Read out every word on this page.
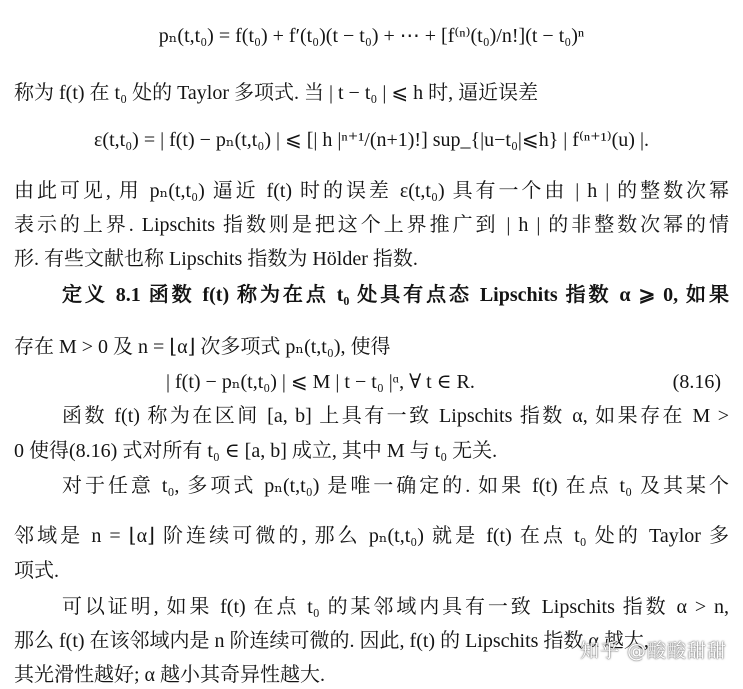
pₙ(t,t₀) = f(t₀) + f′(t₀)(t − t₀) + ⋯ + [f⁽ⁿ⁾(t₀)/n!](t − t₀)ⁿ
称为 f(t) 在 t₀ 处的 Taylor 多项式. 当 | t − t₀ | ⩽ h 时, 逼近误差
ε(t,t₀) = | f(t) − pₙ(t,t₀) | ⩽ [| h |ⁿ⁺¹/(n+1)!] sup_{|u−t₀|⩽h} | f⁽ⁿ⁺¹⁾(u) |.
由此可见, 用 pₙ(t,t₀) 逼近 f(t) 时的误差 ε(t,t₀) 具有一个由 | h | 的整数次幂
表示的上界. Lipschits 指数则是把这个上界推广到 | h | 的非整数次幂的情
形. 有些文献也称 Lipschits 指数为 Hölder 指数.
定义 8.1 函数 f(t) 称为在点 t₀ 处具有点态 Lipschits 指数 α ⩾ 0, 如果
存在 M > 0 及 n = ⌊α⌋ 次多项式 pₙ(t,t₀), 使得
| f(t) − pₙ(t,t₀) | ⩽ M | t − t₀ |ᵅ, ∀ t ∈ R.	(8.16)
函数 f(t) 称为在区间 [a, b] 上具有一致 Lipschits 指数 α, 如果存在 M >
0 使得(8.16) 式对所有 t₀ ∈ [a, b] 成立, 其中 M 与 t₀ 无关.
对于任意 t₀, 多项式 pₙ(t,t₀) 是唯一确定的. 如果 f(t) 在点 t₀ 及其某个
邻域是 n = ⌊α⌋ 阶连续可微的, 那么 pₙ(t,t₀) 就是 f(t) 在点 t₀ 处的 Taylor 多
项式.
可以证明, 如果 f(t) 在点 t₀ 的某邻域内具有一致 Lipschits 指数 α > n,
那么 f(t) 在该邻域内是 n 阶连续可微的. 因此, f(t) 的 Lipschits 指数 α 越大,
其光滑性越好; α 越小其奇异性越大.
知乎 @酸酸甜甜
